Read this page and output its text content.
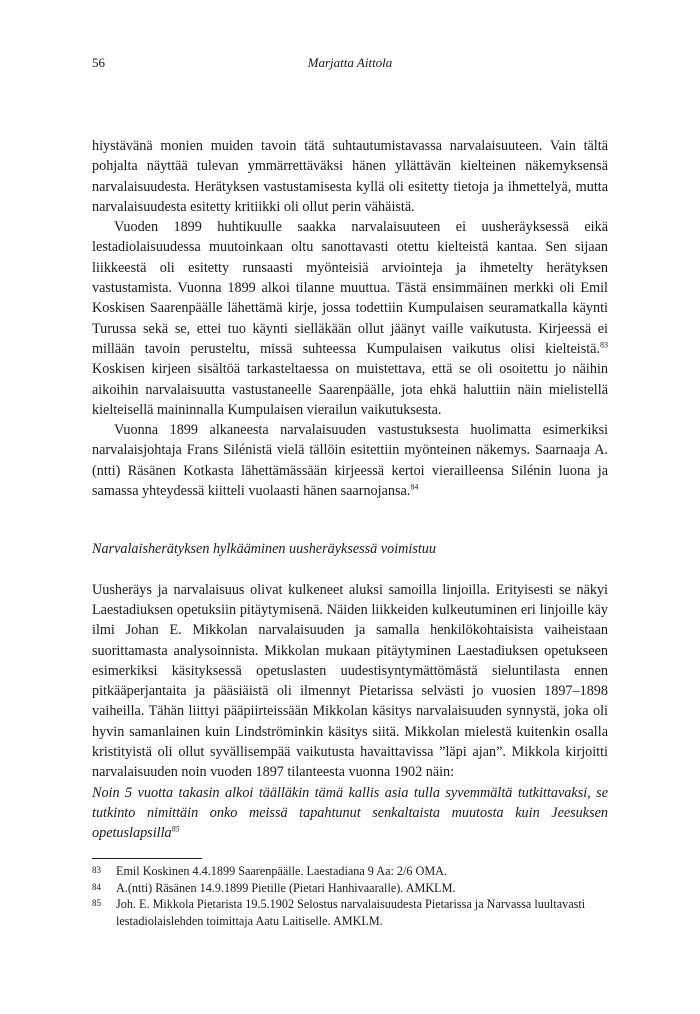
56	Marjatta Aittola

hiystävänä monien muiden tavoin tätä suhtautumistavassa narvalaisuuteen. Vain tältä pohjalta näyttää tulevan ymmärrettäväksi hänen yllättävän kielteinen näkemyksensä narvalaisuudesta. Herätyksen vastustamisesta kyllä oli esitetty tietoja ja ihmettelyä, mutta narvalaisuudesta esitetty kritiikki oli ollut perin vähäistä.

Vuoden 1899 huhtikuulle saakka narvalaisuuteen ei uusheräyksessä eikä lestadiolaisuudessa muutoinkaan oltu sanottavasti otettu kielteistä kantaa. Sen sijaan liikkeestä oli esitetty runsaasti myönteisiä arviointeja ja ihmetelty herätyksen vastustamista. Vuonna 1899 alkoi tilanne muuttua. Tästä ensimmäinen merkki oli Emil Koskisen Saarenpäälle lähettämä kirje, jossa todettiin Kumpulaisen seuramatkalla käynti Turussa sekä se, ettei tuo käynti sielläkään ollut jäänyt vaille vaikutusta. Kirjeessä ei millään tavoin perusteltu, missä suhteessa Kumpulaisen vaikutus olisi kielteistä.$^{83}$ Koskisen kirjeen sisältöä tarkasteltaessa on muistettava, että se oli osoitettu jo näihin aikoihin narvalaisuutta vastustaneelle Saarenpäälle, jota ehkä haluttiin näin mielistellä kielteisellä maininnalla Kumpulaisen vierailun vaikutuksesta.

Vuonna 1899 alkaneesta narvalaisuuden vastustuksesta huolimatta esimerkiksi narvalaisjohtaja Frans Silénistä vielä tällöin esitettiin myönteinen näkemys. Saarnaaja A. (ntti) Räsänen Kotkasta lähettämässään kirjeessä kertoi vierailleensa Silénin luona ja samassa yhteydessä kiitteli vuolaasti hänen saarnojansa.$^{84}$

Narvalaisherätyksen hylkääminen uusheräyksessä voimistuu

Uusheräys ja narvalaisuus olivat kulkeneet aluksi samoilla linjoilla. Erityisesti se näkyi Laestadiuksen opetuksiin pitäytymisenä. Näiden liikkeiden kulkeutuminen eri linjoille käy ilmi Johan E. Mikkolan narvalaisuuden ja samalla henkilökohtaisista vaiheistaan suorittamasta analysoinnista. Mikkolan mukaan pitäytyminen Laestadiuksen opetukseen esimerkiksi käsityksessä opetuslasten uudestisyntymättömästä sieluntilasta ennen pitkääperjantaita ja pääsiäistä oli ilmennyt Pietarissa selvästi jo vuosien 1897–1898 vaiheilla. Tähän liittyi pääpiirteissään Mikkolan käsitys narvalaisuuden synnystä, joka oli hyvin samanlainen kuin Lindströminkin käsitys siitä. Mikkolan mielestä kuitenkin osalla kristityistä oli ollut syvällisempää vaikutusta havaittavissa ”läpi ajan”. Mikkola kirjoitti narvalaisuuden noin vuoden 1897 tilanteesta vuonna 1902 näin:

Noin 5 vuotta takasin alkoi täälläkin tämä kallis asia tulla syvemmältä tutkittavaksi, se tutkinto nimittäin onko meissä tapahtunut senkaltaista muutosta kuin Jeesuksen opetuslapsilla$^{85}$

83	Emil Koskinen 4.4.1899 Saarenpäälle. Laestadiana 9 Aa: 2/6 OMA.
84	A.(ntti) Räsänen 14.9.1899 Pietille (Pietari Hanhivaaralle). AMKLM.
85	Joh. E. Mikkola Pietarista 19.5.1902 Selostus narvalaisuudesta Pietarissa ja Narvassa luultavasti lestadiolaislehden toimittaja Aatu Laitiselle. AMKLM.
